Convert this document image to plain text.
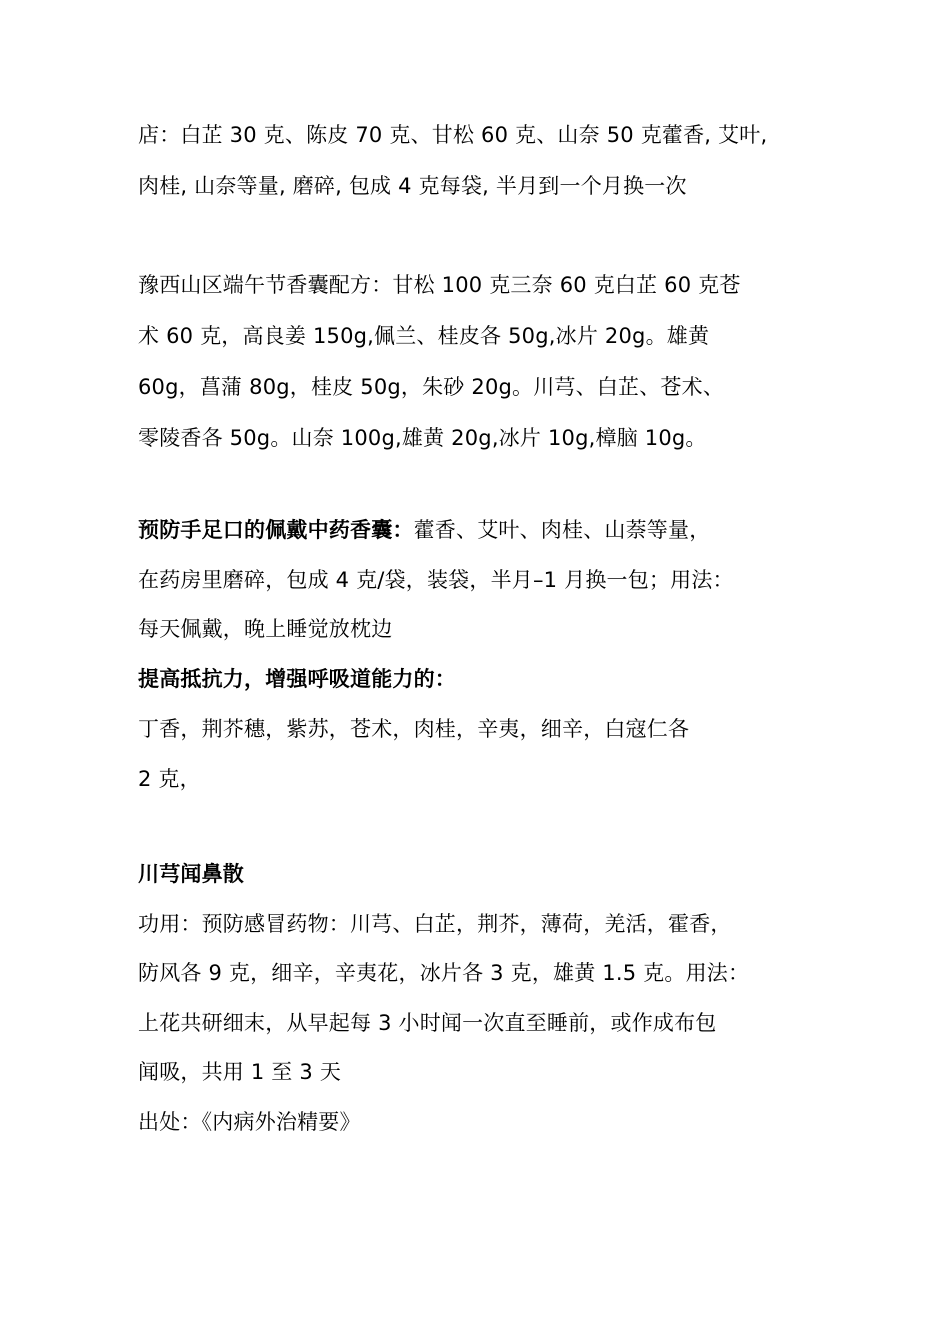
店：白芷 30 克、陈皮 70 克、甘松 60 克、山奈 50 克藿香, 艾叶,
肉桂, 山奈等量, 磨碎, 包成 4 克每袋, 半月到一个月换一次
豫西山区端午节香囊配方：甘松 100 克三奈 60 克白芷 60 克苍
术 60 克，高良姜 150g,佩兰、桂皮各 50g,冰片 20g。雄黄
60g，菖蒲 80g，桂皮 50g，朱砂 20g。川芎、白芷、苍术、
零陵香各 50g。山奈 100g,雄黄 20g,冰片 10g,樟脑 10g。
预防手足口的佩戴中药香囊：藿香、艾叶、肉桂、山萘等量，
在药房里磨碎，包成 4 克/袋，装袋，半月–1 月换一包；用法：
每天佩戴，晚上睡觉放枕边
提高抵抗力，增强呼吸道能力的：
丁香，荆芥穗，紫苏，苍术，肉桂，辛夷，细辛，白寇仁各
2 克，
川芎闻鼻散
功用：预防感冒药物：川芎、白芷，荆芥，薄荷，羌活，霍香，
防风各 9 克，细辛，辛夷花，冰片各 3 克，雄黄 1.5 克。用法：
上花共研细末，从早起每 3 小时闻一次直至睡前，或作成布包
闻吸，共用 1 至 3 天
出处：《内病外治精要》
